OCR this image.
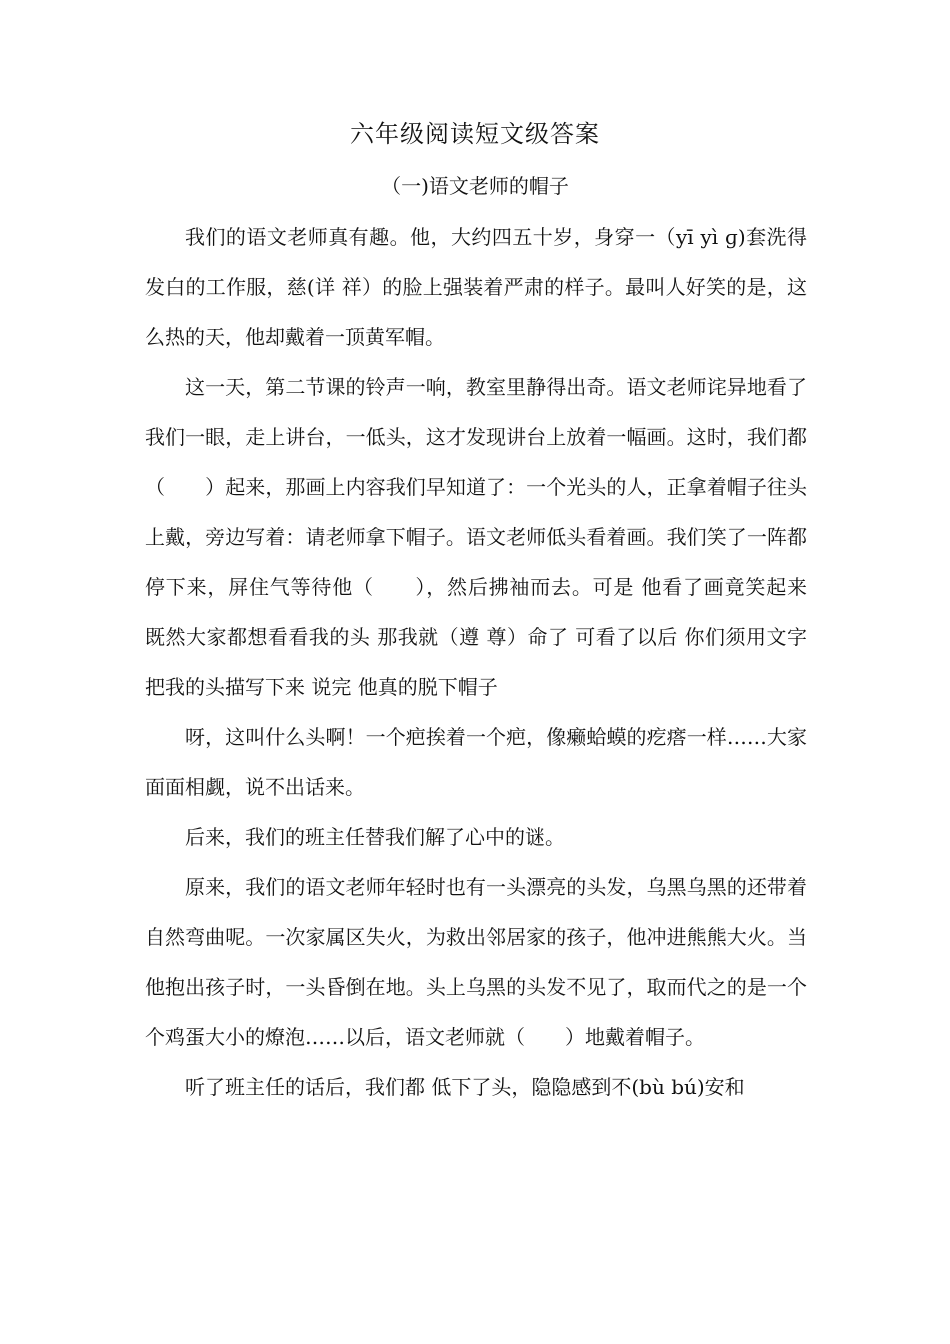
六年级阅读短文级答案
（一)语文老师的帽子

我们的语文老师真有趣。他，大约四五十岁，身穿一（yī yì ɡ)套洗得发白的工作服，慈(详 祥）的脸上强装着严肃的样子。最叫人好笑的是，这么热的天，他却戴着一顶黄军帽。

这一天，第二节课的铃声一响，教室里静得出奇。语文老师诧异地看了我们一眼，走上讲台，一低头，这才发现讲台上放着一幅画。这时，我们都（　　）起来，那画上内容我们早知道了：一个光头的人，正拿着帽子往头上戴，旁边写着：请老师拿下帽子。语文老师低头看着画。我们笑了一阵都停下来，屏住气等待他（　　），然后拂袖而去。可是 他看了画竟笑起来 既然大家都想看看我的头 那我就（遵 尊）命了 可看了以后 你们须用文字把我的头描写下来 说完 他真的脱下帽子

呀，这叫什么头啊！一个疤挨着一个疤，像癞蛤蟆的疙瘩一样……大家面面相觑，说不出话来。

后来，我们的班主任替我们解了心中的谜。

原来，我们的语文老师年轻时也有一头漂亮的头发，乌黑乌黑的还带着自然弯曲呢。一次家属区失火，为救出邻居家的孩子，他冲进熊熊大火。当他抱出孩子时，一头昏倒在地。头上乌黑的头发不见了，取而代之的是一个个鸡蛋大小的燎泡……以后，语文老师就（　　）地戴着帽子。

听了班主任的话后，我们都 低下了头，隐隐感到不(bù bú)安和
